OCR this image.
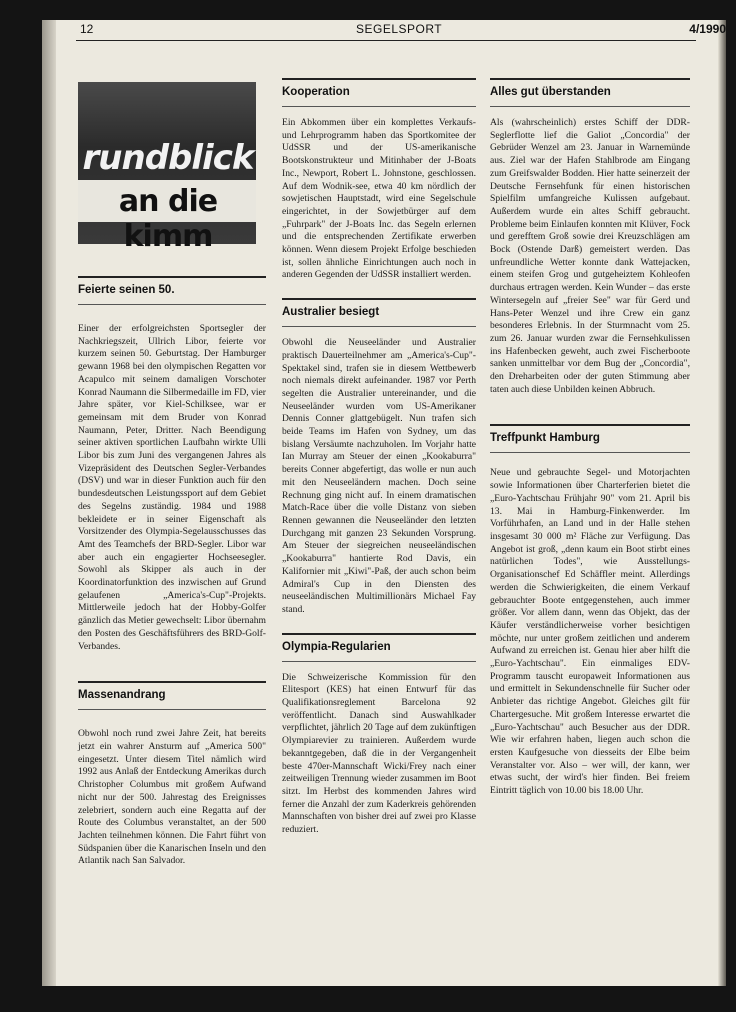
12	SEGELSPORT	4/1990
rundblick
an die kimm
Feierte seinen 50.

Einer der erfolgreichsten Sportsegler der Nachkriegszeit, Ullrich Libor, feierte vor kurzem seinen 50. Geburtstag. Der Hamburger gewann 1968 bei den olympischen Regatten vor Acapulco mit seinem damaligen Vorschoter Konrad Naumann die Silbermedaille im FD, vier Jahre später, vor Kiel-Schilksee, war er gemeinsam mit dem Bruder von Konrad Naumann, Peter, Dritter. Nach Beendigung seiner aktiven sportlichen Laufbahn wirkte Ulli Libor bis zum Juni des vergangenen Jahres als Vizepräsident des Deutschen Segler-Verbandes (DSV) und war in dieser Funktion auch für den bundesdeutschen Leistungssport auf dem Gebiet des Segelns zuständig. 1984 und 1988 bekleidete er in seiner Eigenschaft als Vorsitzender des Olympia-Segelausschusses das Amt des Teamchefs der BRD-Segler. Libor war aber auch ein engagierter Hochseesegler. Sowohl als Skipper als auch in der Koordinatorfunktion des inzwischen auf Grund gelaufenen „America's-Cup"-Projekts. Mittlerweile jedoch hat der Hobby-Golfer gänzlich das Metier gewechselt: Libor übernahm den Posten des Geschäftsführers des BRD-Golf-Verbandes.

Massenandrang

Obwohl noch rund zwei Jahre Zeit, hat bereits jetzt ein wahrer Ansturm auf „America 500" eingesetzt. Unter diesem Titel nämlich wird 1992 aus Anlaß der Entdeckung Amerikas durch Christopher Columbus mit großem Aufwand nicht nur der 500. Jahrestag des Ereignisses zelebriert, sondern auch eine Regatta auf der Route des Columbus veranstaltet, an der 500 Jachten teilnehmen können. Die Fahrt führt von Südspanien über die Kanarischen Inseln und den Atlantik nach San Salvador.

Kooperation

Ein Abkommen über ein komplettes Verkaufs- und Lehrprogramm haben das Sportkomitee der UdSSR und der US-amerikanische Bootskonstrukteur und Mitinhaber der J-Boats Inc., Newport, Robert L. Johnstone, geschlossen. Auf dem Wodnik-see, etwa 40 km nördlich der sowjetischen Hauptstadt, wird eine Segelschule eingerichtet, in der Sowjetbürger auf dem „Fuhrpark" der J-Boats Inc. das Segeln erlernen und die entsprechenden Zertifikate erwerben können. Wenn diesem Projekt Erfolge beschieden ist, sollen ähnliche Einrichtungen auch noch in anderen Gegenden der UdSSR installiert werden.

Australier besiegt

Obwohl die Neuseeländer und Australier praktisch Dauerteilnehmer am „America's-Cup"-Spektakel sind, trafen sie in diesem Wettbewerb noch niemals direkt aufeinander. 1987 vor Perth segelten die Australier untereinander, und die Neuseeländer wurden vom US-Amerikaner Dennis Conner glattgebügelt. Nun trafen sich beide Teams im Hafen von Sydney, um das bislang Versäumte nachzuholen. Im Vorjahr hatte Ian Murray am Steuer der einen „Kookaburra" bereits Conner abgefertigt, das wolle er nun auch mit den Neuseeländern machen. Doch seine Rechnung ging nicht auf. In einem dramatischen Match-Race über die volle Distanz von sieben Rennen gewannen die Neuseeländer den letzten Durchgang mit ganzen 23 Sekunden Vorsprung. Am Steuer der siegreichen neuseeländischen „Kookaburra" hantierte Rod Davis, ein Kalifornier mit „Kiwi"-Paß, der auch schon beim Admiral's Cup in den Diensten des neuseeländischen Multimillionärs Michael Fay stand.

Olympia-Regularien

Die Schweizerische Kommission für den Elitesport (KES) hat einen Entwurf für das Qualifikationsreglement Barcelona 92 veröffentlicht. Danach sind Auswahlkader verpflichtet, jährlich 20 Tage auf dem zukünftigen Olympiarevier zu trainieren. Außerdem wurde bekanntgegeben, daß die in der Vergangenheit beste 470er-Mannschaft Wicki/Frey nach einer zeitweiligen Trennung wieder zusammen im Boot sitzt. Im Herbst des kommenden Jahres wird ferner die Anzahl der zum Kaderkreis gehörenden Mannschaften von bisher drei auf zwei pro Klasse reduziert.

Alles gut überstanden

Als (wahrscheinlich) erstes Schiff der DDR-Seglerflotte lief die Galiot „Concordia" der Gebrüder Wenzel am 23. Januar in Warnemünde aus. Ziel war der Hafen Stahlbrode am Eingang zum Greifswalder Bodden. Hier hatte seinerzeit der Deutsche Fernsehfunk für einen historischen Spielfilm umfangreiche Kulissen aufgebaut. Außerdem wurde ein altes Schiff gebraucht. Probleme beim Einlaufen konnten mit Klüver, Fock und gerefftem Groß sowie drei Kreuzschlägen am Bock (Ostende Darß) gemeistert werden. Das unfreundliche Wetter konnte dank Wattejacken, einem steifen Grog und gutgeheiztem Kohleofen durchaus ertragen werden. Kein Wunder – das erste Wintersegeln auf „freier See" war für Gerd und Hans-Peter Wenzel und ihre Crew ein ganz besonderes Erlebnis. In der Sturmnacht vom 25. zum 26. Januar wurden zwar die Fernsehkulissen ins Hafenbecken geweht, auch zwei Fischerboote sanken unmittelbar vor dem Bug der „Concordia", den Dreharbeiten oder der guten Stimmung aber taten auch diese Unbilden keinen Abbruch.

Treffpunkt Hamburg

Neue und gebrauchte Segel- und Motorjachten sowie Informationen über Charterferien bietet die „Euro-Yachtschau Frühjahr 90" vom 21. April bis 13. Mai in Hamburg-Finkenwerder. Im Vorführhafen, an Land und in der Halle stehen insgesamt 30 000 m² Fläche zur Verfügung. Das Angebot ist groß, „denn kaum ein Boot stirbt eines natürlichen Todes", wie Ausstellungs-Organisationschef Ed Schäffler meint. Allerdings werden die Schwierigkeiten, die einem Verkauf gebrauchter Boote entgegenstehen, auch immer größer. Vor allem dann, wenn das Objekt, das der Käufer verständlicherweise vorher besichtigen möchte, nur unter großem zeitlichen und anderem Aufwand zu erreichen ist. Genau hier aber hilft die „Euro-Yachtschau". Ein einmaliges EDV-Programm tauscht europaweit Informationen aus und ermittelt in Sekundenschnelle für Sucher oder Anbieter das richtige Angebot. Gleiches gilt für Chartergesuche. Mit großem Interesse erwartet die „Euro-Yachtschau" auch Besucher aus der DDR. Wie wir erfahren haben, liegen auch schon die ersten Kaufgesuche von diesseits der Elbe beim Veranstalter vor. Also – wer will, der kann, wer etwas sucht, der wird's hier finden. Bei freiem Eintritt täglich von 10.00 bis 18.00 Uhr.
